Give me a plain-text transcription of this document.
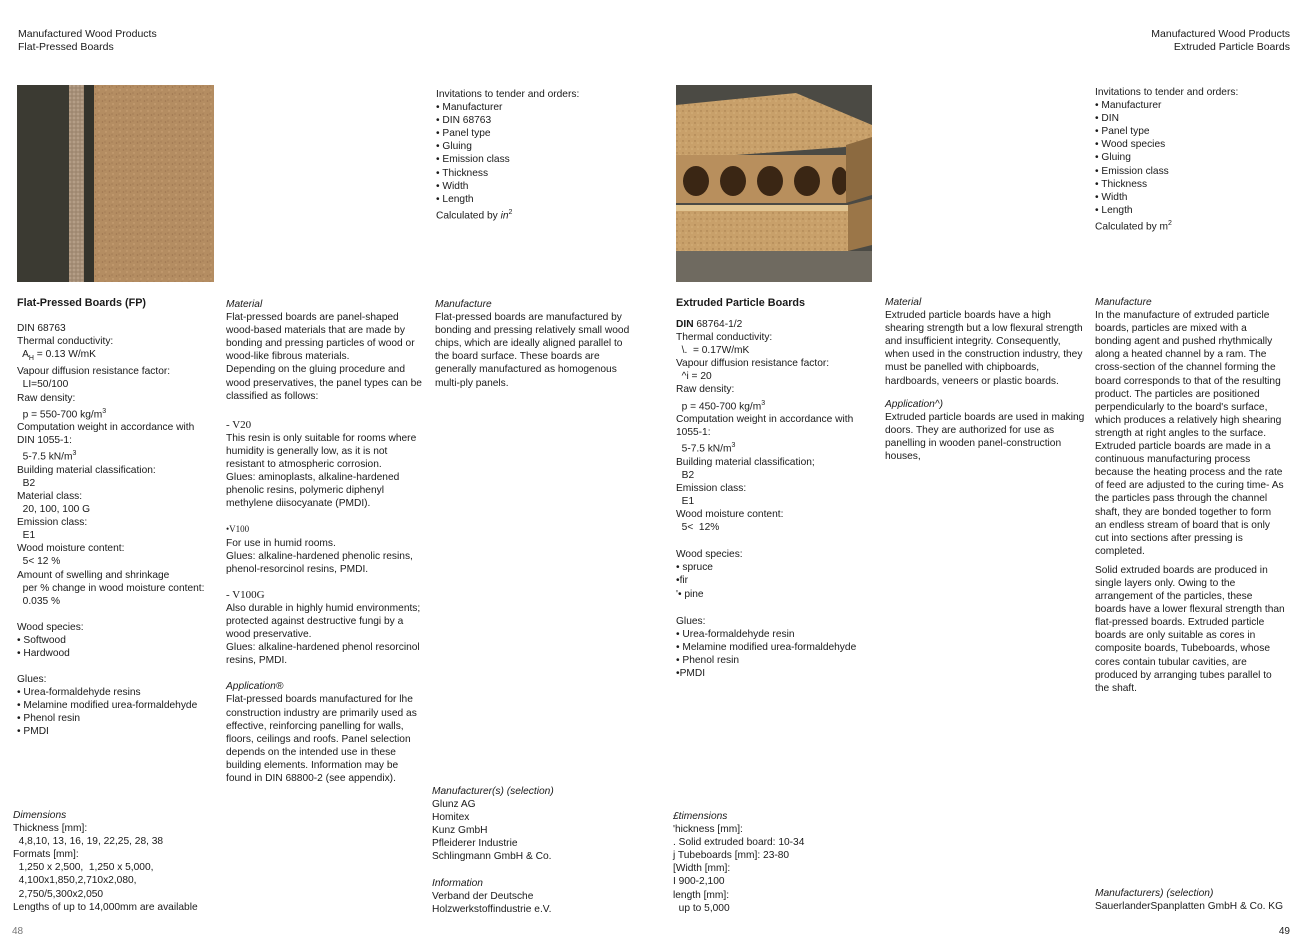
Manufactured Wood Products
Flat-Pressed Boards
Invitations to tender and orders:
• Manufacturer
• DIN 68763
• Panel type
• Gluing
• Emission class
• Thickness
• Width
• Length
Calculated by $in^2$
Flat-Pressed Boards (FP)
DIN 68763
Thermal conductivity:
$A_H = 0.13$ W/mK
Vapour diffusion resistance factor:
LI=50/100
Raw density:
p = 550-700 $kg/m^3$
Computation weight in accordance with
DIN 1055-1:
5-7.5 $kN/m^3$
Building material classification:
B2
Material class:
20, 100, 100 G
Emission class:
E1
Wood moisture content:
5< 12 %
Amount of swelling and shrinkage
per % change in wood moisture content:
0.035 %
Wood species:
• Softwood
• Hardwood
Glues:
• Urea-formaldehyde resins
• Melamine modified urea-formaldehyde
• Phenol resin
• PMDI
Dimensions
Thickness [mm]:
4,8,10, 13, 16, 19, 22,25, 28, 38
Formats [mm]:
1,250 x 2,500,  1,250 x 5,000,
4,100x1,850,2,710x2,080,
2,750/5,300x2,050
Lengths of up to 14,000mm are available
Material
Flat-pressed boards are panel-shaped wood-based materials that are made by bonding and pressing particles of wood or wood-like fibrous materials.
Depending on the gluing procedure and wood preservatives, the panel types can be classified as follows:
- V20
This resin is only suitable for rooms where humidity is generally low, as it is not resistant to atmospheric corrosion.
Glues: aminoplasts, alkaline-hardened phenolic resins, polymeric diphenyl methylene diisocyanate (PMDI).
•V100
For use in humid rooms.
Glues: alkaline-hardened phenolic resins, phenol-resorcinol resins, PMDI.
- V100G
Also durable in highly humid environments; protected against destructive fungi by a wood preservative.
Glues: alkaline-hardened phenol resorcinol resins, PMDI.
Application®
Flat-pressed boards manufactured for lhe construction industry are primarily used as effective, reinforcing panelling for walls, floors, ceilings and roofs. Panel selection depends on the intended use in these building elements. Information may be found in DIN 68800-2 (see appendix).
Manufacture
Flat-pressed boards are manufactured by bonding and pressing relatively small wood chips, which are ideally aligned parallel to the board surface. These boards are generally manufactured as homogenous multi-ply panels.
Manufacturer(s) (selection)
Glunz AG
Homitex
Kunz GmbH
Pfleiderer Industrie
Schlingmann GmbH & Co.
Information
Verband der Deutsche
Holzwerkstoffindustrie e.V.
48
Manufactured Wood Products
Extruded Particle Boards
Invitations to tender and orders:
• Manufacturer
• DIN
• Panel type
• Wood species
• Gluing
• Emission class
• Thickness
• Width
• Length
Calculated by $m^2$
Extruded Particle Boards
DIN 68764-1/2
Thermal conductivity:
\.  = 0.17W/mK
Vapour diffusion resistance factor:
^i = 20
Raw density:
p = 450-700 $kg/m^3$
Computation weight in accordance with
1055-1:
5-7.5 $kN/m^3$
Building material classification;
B2
Emission class:
E1
Wood moisture content:
5<  12%
Wood species:
• spruce
•fir
'• pine
Glues:
• Urea-formaldehyde resin
• Melamine modified urea-formaldehyde
• Phenol resin
•PMDI
£timensions
'hickness [mm]:
. Solid extruded board: 10-34
j Tubeboards [mm]: 23-80
[Width [mm]:
I 900-2,100
length [mm]:
up to 5,000
Material
Extruded particle boards have a high shearing strength but a low flexural strength and insufficient integrity. Consequently, when used in the construction industry, they must be panelled with chipboards, hardboards, veneers or plastic boards.
Application^)
Extruded particle boards are used in making doors. They are authorized for use as panelling in wooden panel-construction houses,
Manufacture
In the manufacture of extruded particle boards, particles are mixed with a bonding agent and pushed rhythmically along a heated channel by a ram. The cross-section of the channel forming the board corresponds to that of the resulting product. The particles are positioned perpendicularly to the board's surface, which produces a relatively high shearing strength at right angles to the surface. Extruded particle boards are made in a continuous manufacturing process because the heating process and the rate of feed are adjusted to the curing time- As the particles pass through the channel shaft, they are bonded together to form an endless stream of board that is only cut into sections after pressing is completed.
Solid extruded boards are produced in single layers only. Owing to the arrangement of the particles, these boards have a lower flexural strength than flat-pressed boards. Extruded particle boards are only suitable as cores in composite boards, Tubeboards, whose cores contain tubular cavities, are produced by arranging tubes parallel to the shaft.
Manufacturers) (selection)
SauerlanderSpanplatten GmbH & Co. KG
49
